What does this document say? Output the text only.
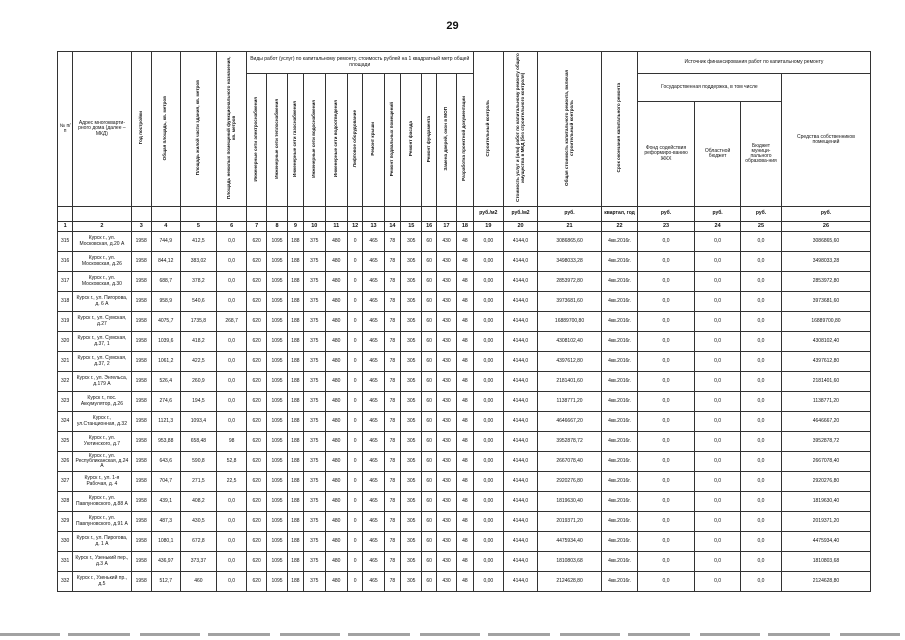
29
№ п/п	Адрес многокварти-рного дома (далее – МКД)	Год постройки	Общая площадь, кв. метров	Площадь жилой части здания, кв. метров	Площадь нежилых помещений функционального назначения, кв. метров	Виды работ (услуг) по капитальному ремонту, стоимость рублей на 1 квадратный метр общей площади												Строительный контроль	Стоимость услуг и (или) работ по капитальному ремонту общего имущества в МКД (без строительного контроля)	Общая стоимость капитального ремонта, включая строительный контроль	Срок окончания капитального ремонта	Источник финансирования работ по капитальному ремонту			
						Инженерные сети электроснабжения	Инженерные сети теплоснабжения	Инженерные сети газоснабжения	Инженерные сети водоснабжения	Инженерные сети водоотведения	Лифтовое оборудование	Ремонт крыши	Ремонт подвальных помещений	Ремонт фасада	Ремонт фундамента	Замена дверей, окон в МОП	Разработка проектной документации					Государственная поддержка, в том числе			Средства собственников помещений
																						Фонд содействия реформиро-ванию ЖКХ	Областной бюджет	Бюджет муници-пального образова-ния	
																		руб./м2	руб./м2	руб.	квартал, год	руб.	руб.	руб.	руб.
1	2	3	4	5	6	7	8	9	10	11	12	13	14	15	16	17	18	19	20	21	22	23	24	25	26
315	Курск г., ул. Московская, д.20 А	1958	744,9	412,5	0,0	620	1095	188	375	480	0	465	78	305	60	430	48	0,00	4144,0	3086865,60	4кв.2016г.	0,0	0,0	0,0	3086865,60
316	Курск г., ул. Московская, д.26	1958	844,12	383,02	0,0	620	1095	188	375	480	0	465	78	305	60	430	48	0,00	4144,0	3498033,28	4кв.2016г.	0,0	0,0	0,0	3498033,28
317	Курск г., ул. Московская, д.30	1958	688,7	378,2	0,0	620	1095	188	375	480	0	465	78	305	60	430	48	0,00	4144,0	2853972,80	4кв.2016г.	0,0	0,0	0,0	2853972,80
318	Курск г., ул. Пигорова, д. 6 А	1958	958,9	540,6	0,0	620	1095	188	375	480	0	465	78	305	60	430	48	0,00	4144,0	3973681,60	4кв.2016г.	0,0	0,0	0,0	3973681,60
319	Курск г., ул. Сумская, д.27	1958	4075,7	1735,8	268,7	620	1095	188	375	480	0	465	78	305	60	430	48	0,00	4144,0	16889700,80	4кв.2016г.	0,0	0,0	0,0	16889700,80
320	Курск г., ул. Сумская, д.37, 1	1958	1039,6	418,2	0,0	620	1095	188	375	480	0	465	78	305	60	430	48	0,00	4144,0	4308102,40	4кв.2016г.	0,0	0,0	0,0	4308102,40
321	Курск г., ул. Сумская, д.37, 2	1958	1061,2	422,5	0,0	620	1095	188	375	480	0	465	78	305	60	430	48	0,00	4144,0	4397612,80	4кв.2016г.	0,0	0,0	0,0	4397612,80
322	Курск г., ул. Энгельса, д.179 А	1958	526,4	260,9	0,0	620	1095	188	375	480	0	465	78	305	60	430	48	0,00	4144,0	2181401,60	4кв.2016г.	0,0	0,0	0,0	2181401,60
323	Курск г., пос. Аккумулятор, д.26	1958	274,6	194,5	0,0	620	1095	188	375	480	0	465	78	305	60	430	48	0,00	4144,0	1138771,20	4кв.2016г.	0,0	0,0	0,0	1138771,20
324	Курск г., ул.Станционная, д.32	1958	1121,3	1093,4	0,0	620	1095	188	375	480	0	465	78	305	60	430	48	0,00	4144,0	4646667,20	4кв.2016г.	0,0	0,0	0,0	4646667,20
325	Курск г., ул. Уютинского, д.7	1958	953,88	658,48	98	620	1095	188	375	480	0	465	78	305	60	430	48	0,00	4144,0	3952878,72	4кв.2016г.	0,0	0,0	0,0	3952878,72
326	Курск г., ул. Республиканская, д.24 А	1958	643,6	590,8	52,8	620	1095	188	375	480	0	465	78	305	60	430	48	0,00	4144,0	2667078,40	4кв.2016г.	0,0	0,0	0,0	2667078,40
327	Курск г., ул. 1-я Рабочая, д. 4	1958	704,7	271,5	22,5	620	1095	188	375	480	0	465	78	305	60	430	48	0,00	4144,0	2920276,80	4кв.2016г.	0,0	0,0	0,0	2920276,80
328	Курск г., ул. Павлуновского, д.88 А	1958	439,1	408,2	0,0	620	1095	188	375	480	0	465	78	305	60	430	48	0,00	4144,0	1819630,40	4кв.2016г.	0,0	0,0	0,0	1819630,40
329	Курск г., ул. Павлуновского, д.91 А	1958	487,3	430,5	0,0	620	1095	188	375	480	0	465	78	305	60	430	48	0,00	4144,0	2019371,20	4кв.2016г.	0,0	0,0	0,0	2019371,20
330	Курск г., ул. Пирогова, д. 1 А	1958	1080,1	672,8	0,0	620	1095	188	375	480	0	465	78	305	60	430	48	0,00	4144,0	4475934,40	4кв.2016г.	0,0	0,0	0,0	4475934,40
331	Курск г., Узенький пер., д.3 А	1958	436,97	373,37	0,0	620	1095	188	375	480	0	465	78	305	60	430	48	0,00	4144,0	1810803,68	4кв.2016г.	0,0	0,0	0,0	1810803,68
332	Курск г., Узенький пр., д.5	1958	512,7	460	0,0	620	1095	188	375	480	0	465	78	305	60	430	48	0,00	4144,0	2124628,80	4кв.2016г.	0,0	0,0	0,0	2124628,80
